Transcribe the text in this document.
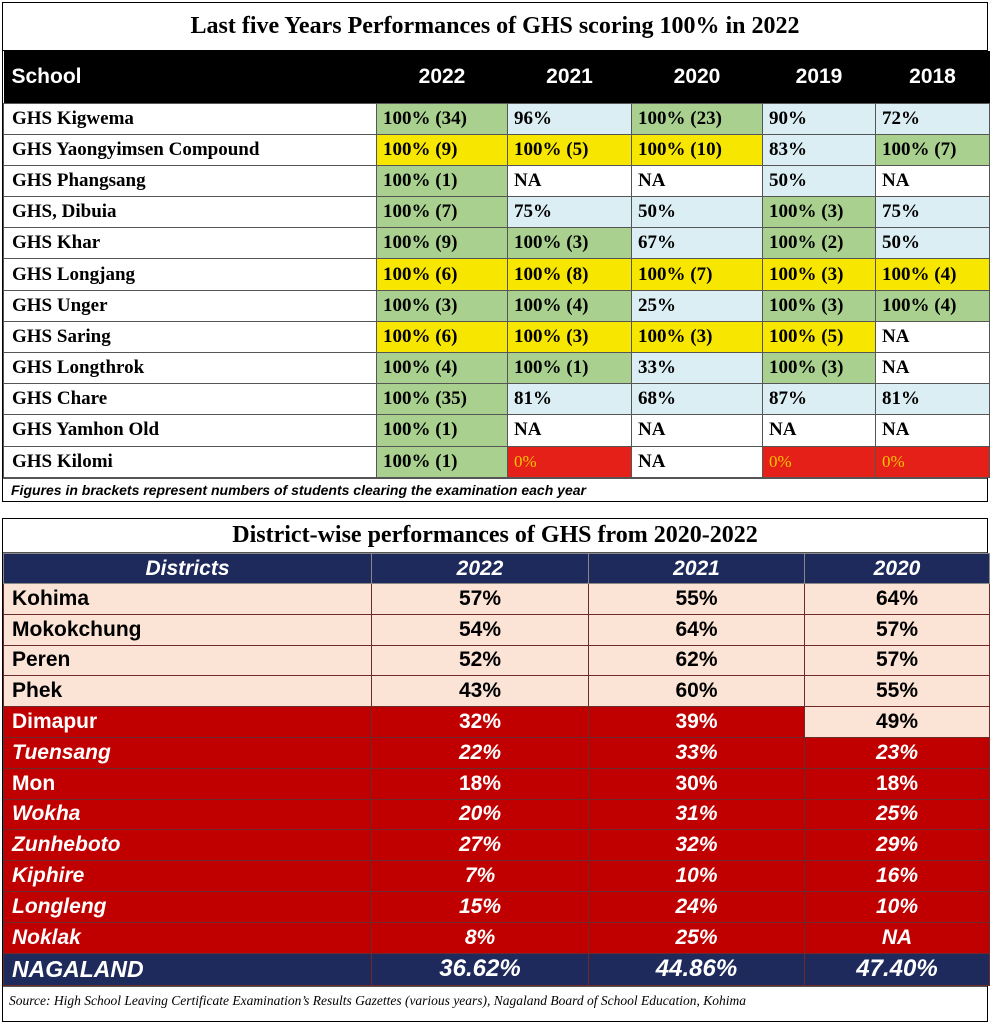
Last five Years Performances of GHS scoring 100% in 2022
School	2022	2021	2020	2019	2018
GHS Kigwema	100% (34)	96%	100% (23)	90%	72%
GHS Yaongyimsen Compound	100% (9)	100% (5)	100% (10)	83%	100% (7)
GHS Phangsang	100% (1)	NA	NA	50%	NA
GHS, Dibuia	100% (7)	75%	50%	100% (3)	75%
GHS Khar	100% (9)	100% (3)	67%	100% (2)	50%
GHS Longjang	100% (6)	100% (8)	100% (7)	100% (3)	100% (4)
GHS Unger	100% (3)	100% (4)	25%	100% (3)	100% (4)
GHS Saring	100% (6)	100% (3)	100% (3)	100% (5)	NA
GHS Longthrok	100% (4)	100% (1)	33%	100% (3)	NA
GHS Chare	100% (35)	81%	68%	87%	81%
GHS Yamhon Old	100% (1)	NA	NA	NA	NA
GHS Kilomi	100% (1)	0%	NA	0%	0%
Figures in brackets represent numbers of students clearing the examination each year
District-wise performances of GHS from 2020-2022
Districts	2022	2021	2020
Kohima	57%	55%	64%
Mokokchung	54%	64%	57%
Peren	52%	62%	57%
Phek	43%	60%	55%
Dimapur	32%	39%	49%
Tuensang	22%	33%	23%
Mon	18%	30%	18%
Wokha	20%	31%	25%
Zunheboto	27%	32%	29%
Kiphire	7%	10%	16%
Longleng	15%	24%	10%
Noklak	8%	25%	NA
NAGALAND	36.62%	44.86%	47.40%
Source: High School Leaving Certificate Examination’s Results Gazettes (various years), Nagaland Board of School Education, Kohima
